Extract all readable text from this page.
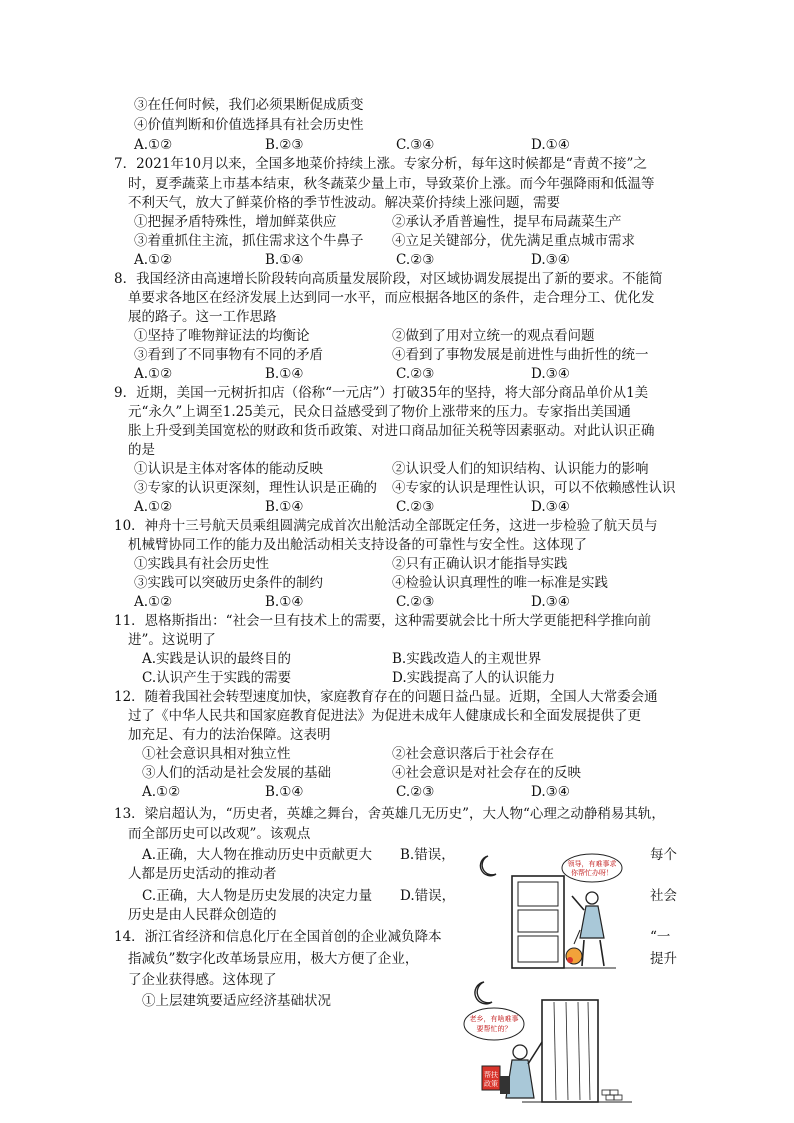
③在任何时候，我们必须果断促成质变
④价值判断和价值选择具有社会历史性
A.①②	B.②③	C.③④	D.①④
7．2021年10月以来，全国多地菜价持续上涨。专家分析，每年这时候都是“青黄不接”之
时，夏季蔬菜上市基本结束，秋冬蔬菜少量上市，导致菜价上涨。而今年强降雨和低温等
不利天气，放大了鲜菜价格的季节性波动。解决菜价持续上涨问题，需要
①把握矛盾特殊性，增加鲜菜供应	②承认矛盾普遍性，提早布局蔬菜生产
③着重抓住主流，抓住需求这个牛鼻子 ④立足关键部分，优先满足重点城市需求
A.①②	B.①④	C.②③	D.③④
8．我国经济由高速增长阶段转向高质量发展阶段，对区域协调发展提出了新的要求。不能简
单要求各地区在经济发展上达到同一水平，而应根据各地区的条件，走合理分工、优化发
展的路子。这一工作思路
①坚持了唯物辩证法的均衡论	②做到了用对立统一的观点看问题
③看到了不同事物有不同的矛盾	④看到了事物发展是前进性与曲折性的统一
A.①②	B.①④	C.②③	D.③④
9．近期，美国一元树折扣店（俗称“一元店”）打破35年的坚持，将大部分商品单价从1美
元“永久”上调至1.25美元，民众日益感受到了物价上涨带来的压力。专家指出美国通
胀上升受到美国宽松的财政和货币政策、对进口商品加征关税等因素驱动。对此认识正确
的是
①认识是主体对客体的能动反映	②认识受人们的知识结构、认识能力的影响
③专家的认识更深刻，理性认识是正确的 ④专家的认识是理性认识，可以不依赖感性认识
A.①②	B.①④	C.②③	D.③④
10．神舟十三号航天员乘组圆满完成首次出舱活动全部既定任务，这进一步检验了航天员与
机械臂协同工作的能力及出舱活动相关支持设备的可靠性与安全性。这体现了
①实践具有社会历史性	②只有正确认识才能指导实践
③实践可以突破历史条件的制约	④检验认识真理性的唯一标准是实践
A.①②	B.①④	C.②③	D.③④
11．恩格斯指出：“社会一旦有技术上的需要，这种需要就会比十所大学更能把科学推向前
进”。这说明了
A.实践是认识的最终目的	B.实践改造人的主观世界
C.认识产生于实践的需要	D.实践提高了人的认识能力
12．随着我国社会转型速度加快，家庭教育存在的问题日益凸显。近期，全国人大常委会通
过了《中华人民共和国家庭教育促进法》为促进未成年人健康成长和全面发展提供了更
加充足、有力的法治保障。这表明
①社会意识具相对独立性	②社会意识落后于社会存在
③人们的活动是社会发展的基础	④社会意识是对社会存在的反映
A.①②	B.①④	C.②③	D.③④
13．梁启超认为，“历史者，英雄之舞台，舍英雄几无历史”，大人物“心理之动静稍易其轨，
而全部历史可以改观”。该观点
A.正确，大人物在推动历史中贡献更大 B.错误，	每个
人都是历史活动的推动者
C.正确，大人物是历史发展的决定力量 D.错误，	社会
历史是由人民群众创造的
14．浙江省经济和信息化厅在全国首创的企业减负降本	“一
指减负”数字化改革场景应用，极大方便了企业，	提升
了企业获得感。这体现了
①上层建筑要适应经济基础状况
领导，有难事求
你帮忙办呀！
老乡，有啥难事
要帮忙的？
帮扶
政策
